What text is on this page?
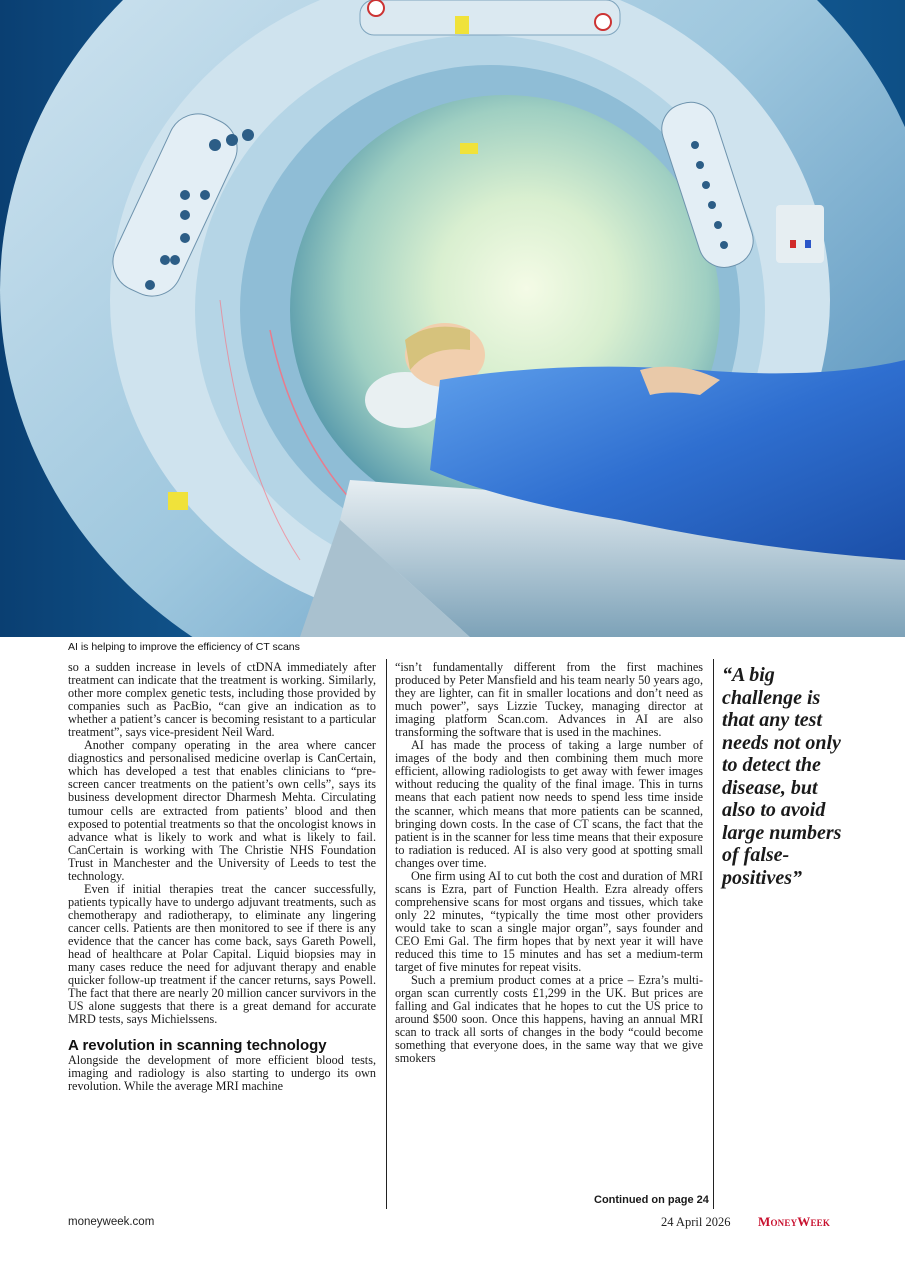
AI is helping to improve the efficiency of CT scans

so a sudden increase in levels of ctDNA immediately after treatment can indicate that the treatment is working. Similarly, other more complex genetic tests, including those provided by companies such as PacBio, “can give an indication as to whether a patient’s cancer is becoming resistant to a particular treatment”, says vice-president Neil Ward.

Another company operating in the area where cancer diagnostics and personalised medicine overlap is CanCertain, which has developed a test that enables clinicians to “pre-screen cancer treatments on the patient’s own cells”, says its business development director Dharmesh Mehta. Circulating tumour cells are extracted from patients’ blood and then exposed to potential treatments so that the oncologist knows in advance what is likely to work and what is likely to fail. CanCertain is working with The Christie NHS Foundation Trust in Manchester and the University of Leeds to test the technology.

Even if initial therapies treat the cancer successfully, patients typically have to undergo adjuvant treatments, such as chemotherapy and radiotherapy, to eliminate any lingering cancer cells. Patients are then monitored to see if there is any evidence that the cancer has come back, says Gareth Powell, head of healthcare at Polar Capital. Liquid biopsies may in many cases reduce the need for adjuvant therapy and enable quicker follow-up treatment if the cancer returns, says Powell. The fact that there are nearly 20 million cancer survivors in the US alone suggests that there is a great demand for accurate MRD tests, says Michielssens.

A revolution in scanning technology

Alongside the development of more efficient blood tests, imaging and radiology is also starting to undergo its own revolution. While the average MRI machine

“isn’t fundamentally different from the first machines produced by Peter Mansfield and his team nearly 50 years ago, they are lighter, can fit in smaller locations and don’t need as much power”, says Lizzie Tuckey, managing director at imaging platform Scan.com. Advances in AI are also transforming the software that is used in the machines.

AI has made the process of taking a large number of images of the body and then combining them much more efficient, allowing radiologists to get away with fewer images without reducing the quality of the final image. This in turns means that each patient now needs to spend less time inside the scanner, which means that more patients can be scanned, bringing down costs. In the case of CT scans, the fact that the patient is in the scanner for less time means that their exposure to radiation is reduced. AI is also very good at spotting small changes over time.

One firm using AI to cut both the cost and duration of MRI scans is Ezra, part of Function Health. Ezra already offers comprehensive scans for most organs and tissues, which take only 22 minutes, “typically the time most other providers would take to scan a single major organ”, says founder and CEO Emi Gal. The firm hopes that by next year it will have reduced this time to 15 minutes and has set a medium-term target of five minutes for repeat visits.

Such a premium product comes at a price – Ezra’s multi-organ scan currently costs £1,299 in the UK. But prices are falling and Gal indicates that he hopes to cut the US price to around $500 soon. Once this happens, having an annual MRI scan to track all sorts of changes in the body “could become something that everyone does, in the same way that we give smokers

Continued on page 24
“A big challenge is that any test needs not only to detect the disease, but also to avoid large numbers of false-positives”
moneyweek.com	24 April 2026 MoneyWeek
